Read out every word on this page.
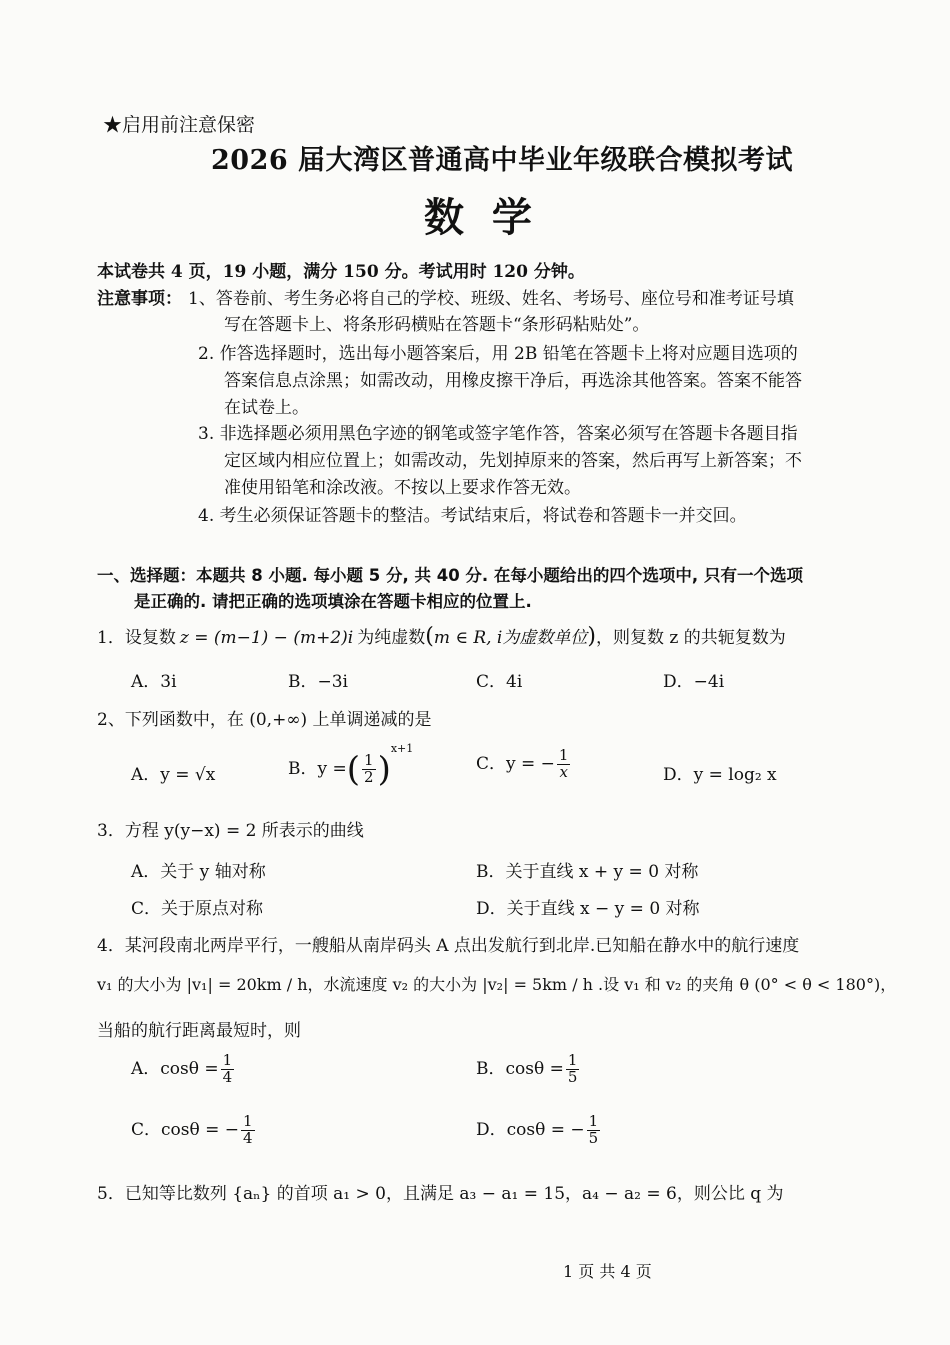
★启用前注意保密
2026 届大湾区普通高中毕业年级联合模拟考试
数  学
本试卷共 4 页，19 小题，满分 150 分。考试用时 120 分钟。
注意事项： 1、答卷前、考生务必将自己的学校、班级、姓名、考场号、座位号和准考证号填
写在答题卡上、将条形码横贴在答题卡“条形码粘贴处”。
2. 作答选择题时，选出每小题答案后，用 2B 铅笔在答题卡上将对应题目选项的
答案信息点涂黑；如需改动，用橡皮擦干净后，再选涂其他答案。答案不能答
在试卷上。
3. 非选择题必须用黑色字迹的钢笔或签字笔作答，答案必须写在答题卡各题目指
定区域内相应位置上；如需改动，先划掉原来的答案，然后再写上新答案；不
准使用铅笔和涂改液。不按以上要求作答无效。
4. 考生必须保证答题卡的整洁。考试结束后，将试卷和答题卡一并交回。
一、选择题：本题共 8 小题. 每小题 5 分, 共 40 分. 在每小题给出的四个选项中, 只有一个选项
是正确的. 请把正确的选项填涂在答题卡相应的位置上.
1．设复数 z = (m−1) − (m+2)i 为纯虚数(m ∈ R, i为虚数单位)，则复数 z 的共轭复数为
A．3i	B．−3i	C．4i	D．−4i
2、下列函数中，在 (0,+∞) 上单调递减的是
A．y = √x	B．y =( $\frac{1}{2} )^{x+1}$
C．y = − $\frac{1}{x}$	D．y = log₂ x
3．方程 y(y−x) = 2 所表示的曲线
A．关于 y 轴对称	B．关于直线 x + y = 0 对称
C．关于原点对称	D．关于直线 x − y = 0 对称
4．某河段南北两岸平行，一艘船从南岸码头 A 点出发航行到北岸.已知船在静水中的航行速度
v₁ 的大小为 |v₁| = 20km / h，水流速度 v₂ 的大小为 |v₂| = 5km / h .设 v₁ 和 v₂ 的夹角 θ (0° < θ < 180°)，
当船的航行距离最短时，则
A．$\cos\theta = \frac{1}{4}$	B．$\cos\theta = \frac{1}{5}$
C．cosθ = − $\frac{1}{4}$	D．cosθ = − $\frac{1}{5}$
5．已知等比数列 {aₙ} 的首项 a₁ > 0，且满足 a₃ − a₁ = 15，a₄ − a₂ = 6，则公比 q 为
1 页 共 4 页
